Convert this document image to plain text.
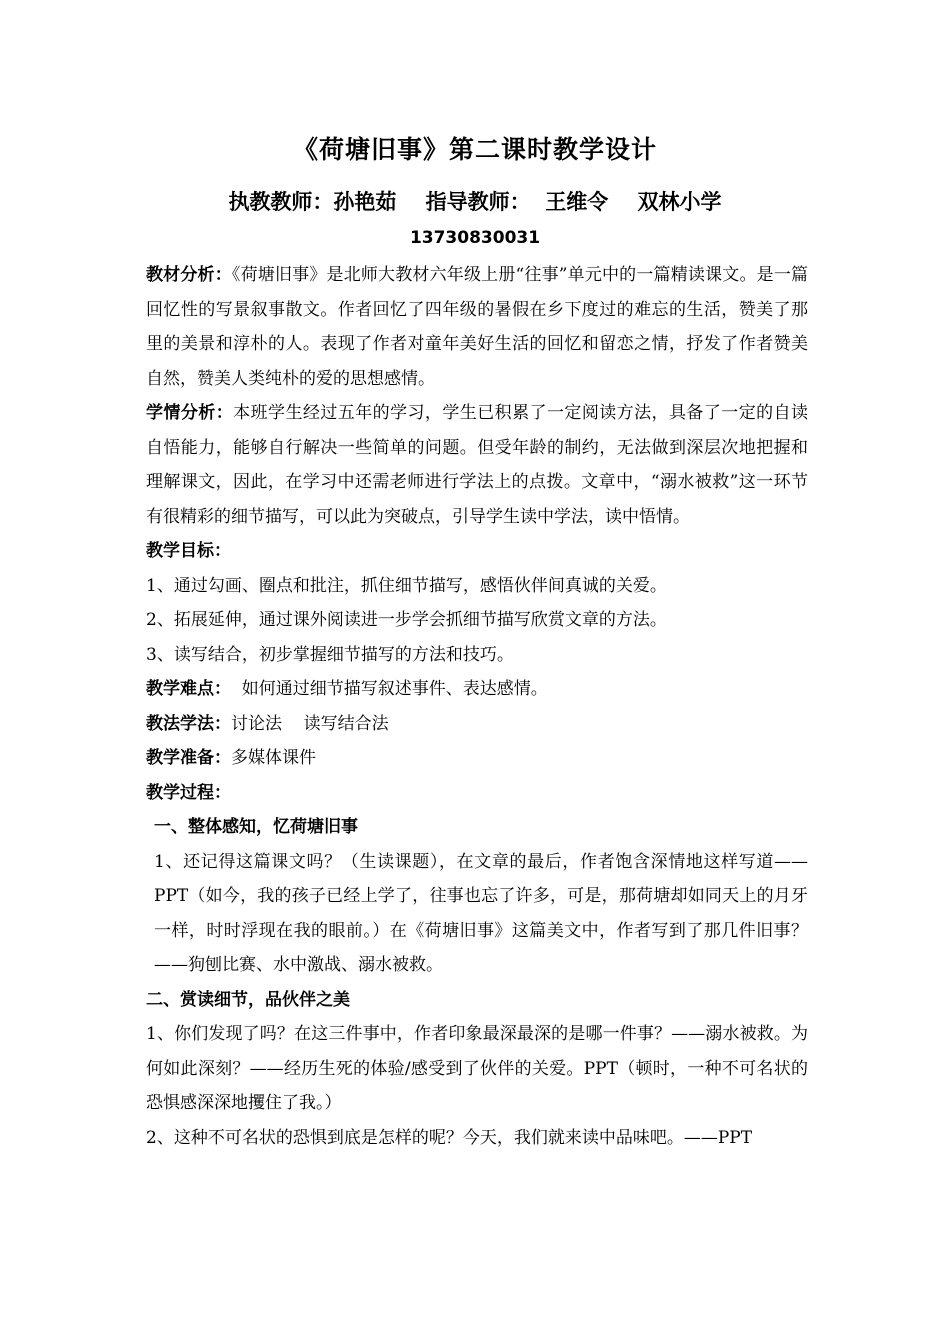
《荷塘旧事》第二课时教学设计
执教教师：孙艳茹    指导教师：  王维令    双林小学
13730830031

教材分析：《荷塘旧事》是北师大教材六年级上册“往事”单元中的一篇精读课文。是一篇回忆性的写景叙事散文。作者回忆了四年级的暑假在乡下度过的难忘的生活，赞美了那里的美景和淳朴的人。表现了作者对童年美好生活的回忆和留恋之情，抒发了作者赞美自然，赞美人类纯朴的爱的思想感情。

学情分析：本班学生经过五年的学习，学生已积累了一定阅读方法，具备了一定的自读自悟能力，能够自行解决一些简单的问题。但受年龄的制约，无法做到深层次地把握和理解课文，因此，在学习中还需老师进行学法上的点拨。文章中，“溺水被救”这一环节有很精彩的细节描写，可以此为突破点，引导学生读中学法，读中悟情。

教学目标：

1、通过勾画、圈点和批注，抓住细节描写，感悟伙伴间真诚的关爱。

2、拓展延伸，通过课外阅读进一步学会抓细节描写欣赏文章的方法。

3、读写结合，初步掌握细节描写的方法和技巧。

教学难点：  如何通过细节描写叙述事件、表达感情。

教法学法：讨论法    读写结合法

教学准备：多媒体课件

教学过程：

一、整体感知，忆荷塘旧事

1、还记得这篇课文吗？（生读课题），在文章的最后，作者饱含深情地这样写道——PPT（如今，我的孩子已经上学了，往事也忘了许多，可是，那荷塘却如同天上的月牙一样，时时浮现在我的眼前。）在《荷塘旧事》这篇美文中，作者写到了那几件旧事？ ——狗刨比赛、水中激战、溺水被救。

二、赏读细节，品伙伴之美

1、你们发现了吗？在这三件事中，作者印象最深最深的是哪一件事？——溺水被救。为何如此深刻？——经历生死的体验/感受到了伙伴的关爱。PPT（顿时，一种不可名状的恐惧感深深地攫住了我。）

2、这种不可名状的恐惧到底是怎样的呢？今天，我们就来读中品味吧。——PPT
